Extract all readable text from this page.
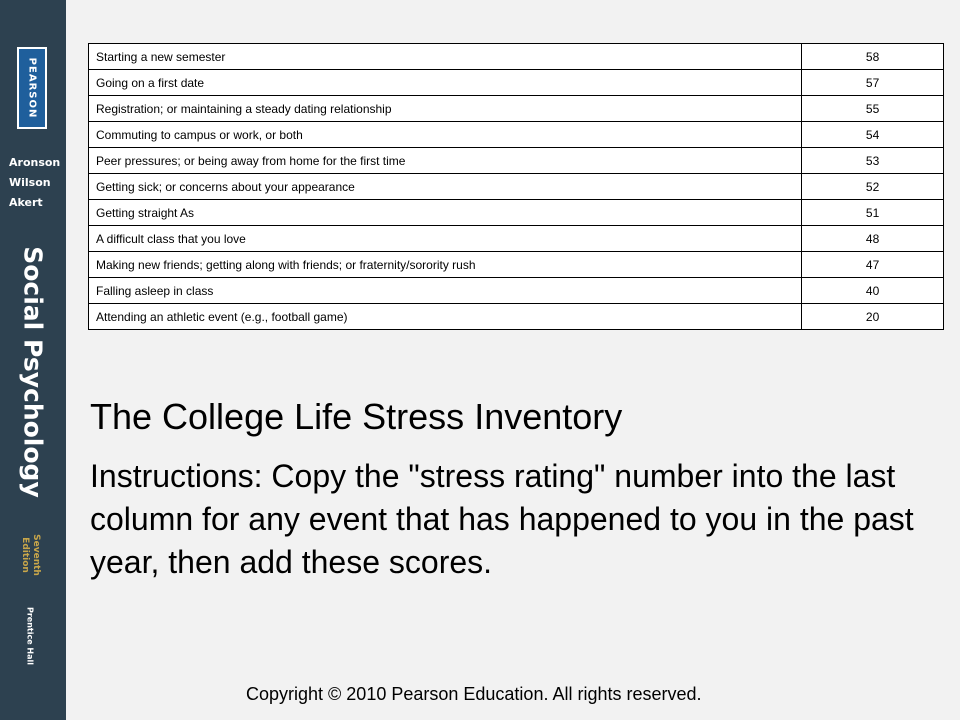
PEARSON
Aronson
Wilson
Akert
Social Psychology
Seventh
Edition
Prentice Hall
Starting a new semester	58
Going on a first date	57
Registration; or maintaining a steady dating relationship	55
Commuting to campus or work, or both	54
Peer pressures; or being away from home for the first time	53
Getting sick; or concerns about your appearance	52
Getting straight As	51
A difficult class that you love	48
Making new friends; getting along with friends; or fraternity/sorority rush	47
Falling asleep in class	40
Attending an athletic event (e.g., football game)	20
The College Life Stress Inventory

Instructions: Copy the "stress rating" number into the last column for any event that has happened to you in the past year, then add these scores.

Copyright © 2010 Pearson Education. All rights reserved.
